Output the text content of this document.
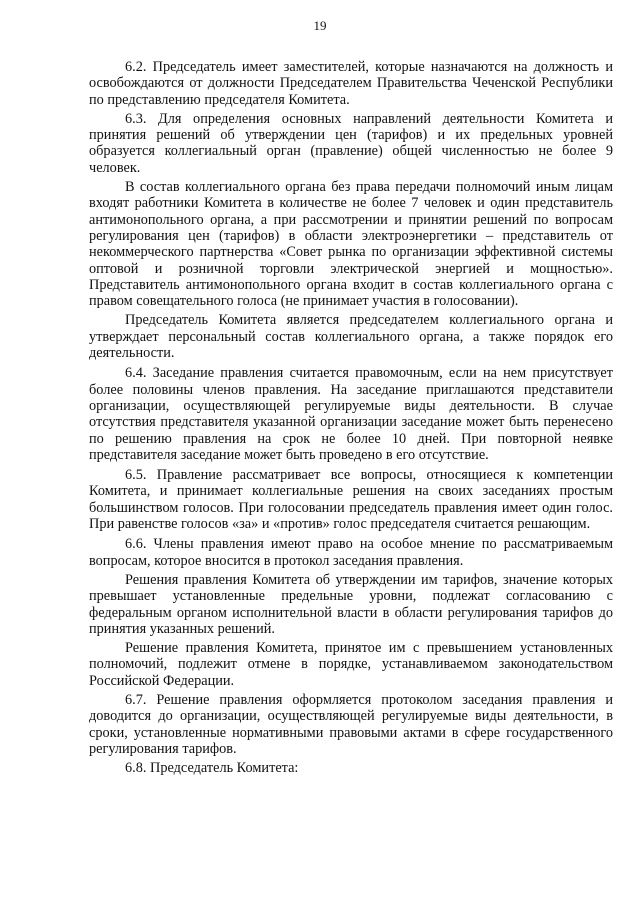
19

6.2. Председатель имеет заместителей, которые назначаются на должность и освобождаются от должности Председателем Правительства Чеченской Республики по представлению председателя Комитета.

6.3. Для определения основных направлений деятельности Комитета и принятия решений об утверждении цен (тарифов) и их предельных уровней образуется коллегиальный орган (правление) общей численностью не более 9 человек.

В состав коллегиального органа без права передачи полномочий иным лицам входят работники Комитета в количестве не более 7 человек и один представитель антимонопольного органа, а при рассмотрении и принятии решений по вопросам регулирования цен (тарифов) в области электроэнергетики – представитель от некоммерческого партнерства «Совет рынка по организации эффективной системы оптовой и розничной торговли электрической энергией и мощностью». Представитель антимонопольного органа входит в состав коллегиального органа с правом совещательного голоса (не принимает участия в голосовании).

Председатель Комитета является председателем коллегиального органа и утверждает персональный состав коллегиального органа, а также порядок его деятельности.

6.4. Заседание правления считается правомочным, если на нем присутствует более половины членов правления. На заседание приглашаются представители организации, осуществляющей регулируемые виды деятельности. В случае отсутствия представителя указанной организации заседание может быть перенесено по решению правления на срок не более 10 дней. При повторной неявке представителя заседание может быть проведено в его отсутствие.

6.5. Правление рассматривает все вопросы, относящиеся к компетенции Комитета, и принимает коллегиальные решения на своих заседаниях простым большинством голосов. При голосовании председатель правления имеет один голос. При равенстве голосов «за» и «против» голос председателя считается решающим.

6.6. Члены правления имеют право на особое мнение по рассматриваемым вопросам, которое вносится в протокол заседания правления.

Решения правления Комитета об утверждении им тарифов, значение которых превышает установленные предельные уровни, подлежат согласованию с федеральным органом исполнительной власти в области регулирования тарифов до принятия указанных решений.

Решение правления Комитета, принятое им с превышением установленных полномочий, подлежит отмене в порядке, устанавливаемом законодательством Российской Федерации.

6.7. Решение правления оформляется протоколом заседания правления и доводится до организации, осуществляющей регулируемые виды деятельности, в сроки, установленные нормативными правовыми актами в сфере государственного регулирования тарифов.

6.8. Председатель Комитета:
